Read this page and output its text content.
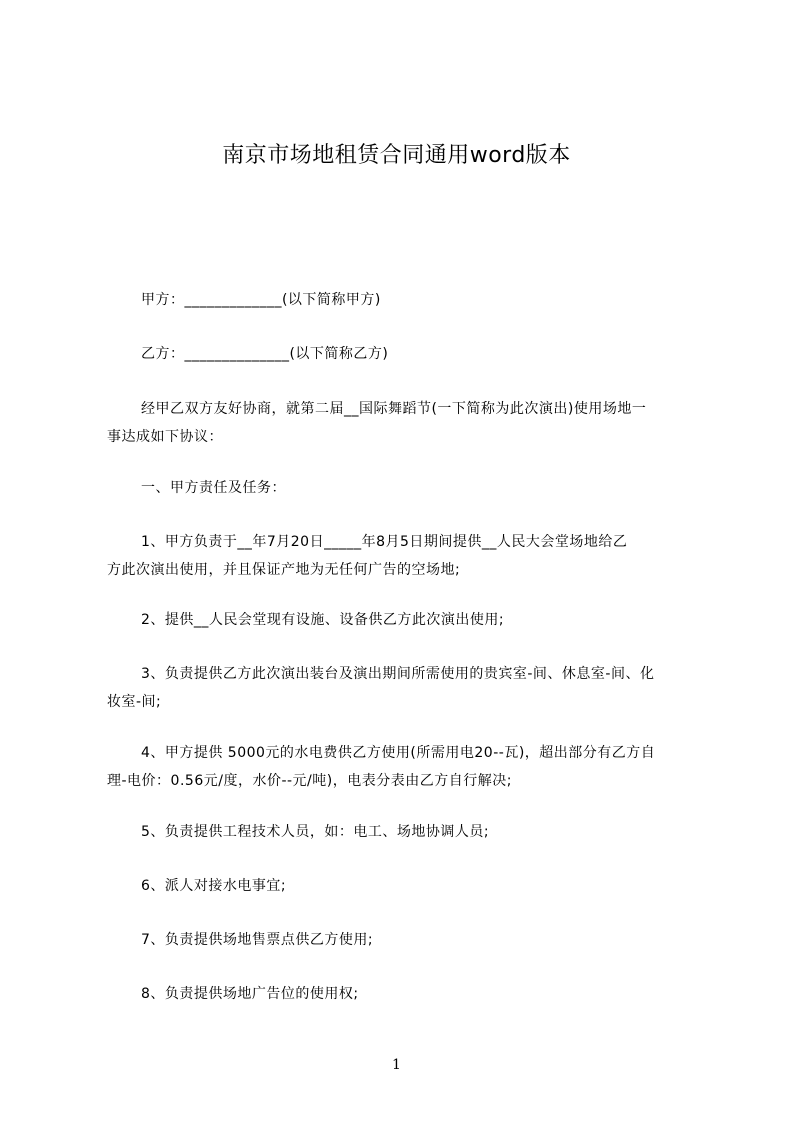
南京市场地租赁合同通用word版本
　　 甲方：_____________(以下简称甲方)
　　 乙方：______________(以下简称乙方)
　　 经甲乙双方友好协商，就第二届__国际舞蹈节(一下简称为此次演出)使用场地一
事达成如下协议：
　　 一、甲方责任及任务：
　　 1、甲方负责于__年7月20日_____年8月5日期间提供__人民大会堂场地给乙
方此次演出使用，并且保证产地为无任何广告的空场地;
　　 2、提供__人民会堂现有设施、设备供乙方此次演出使用;
　　 3、负责提供乙方此次演出装台及演出期间所需使用的贵宾室-间、休息室-间、化
妆室-间;
　　 4、甲方提供 5000元的水电费供乙方使用(所需用电20--瓦)，超出部分有乙方自
理-电价：0.56元/度，水价--元/吨)，电表分表由乙方自行解决;
　　 5、负责提供工程技术人员，如：电工、场地协调人员;
　　 6、派人对接水电事宜;
　　 7、负责提供场地售票点供乙方使用;
　　 8、负责提供场地广告位的使用权;
1
